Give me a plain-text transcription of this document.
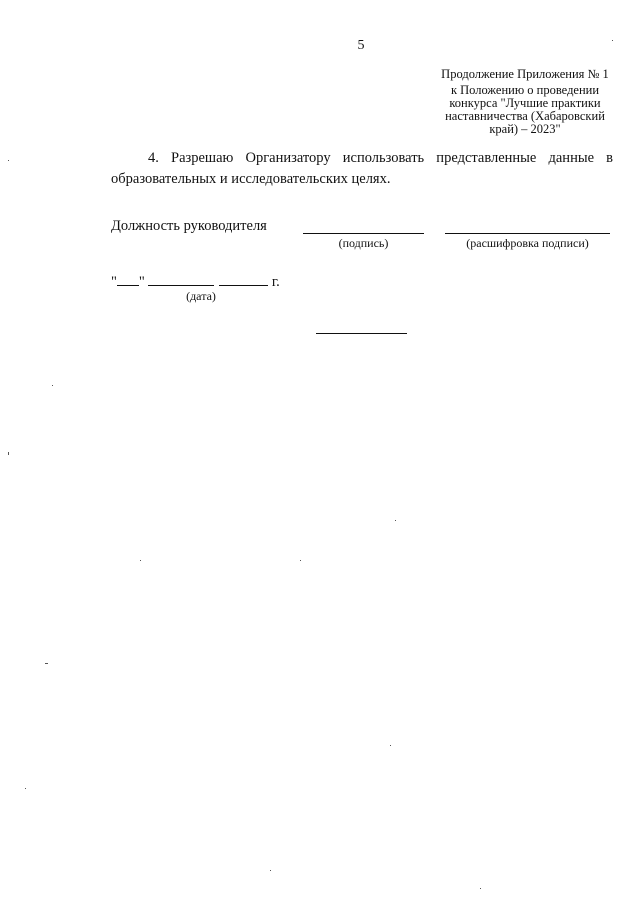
5
Продолжение Приложения № 1
к Положению о проведении
конкурса "Лучшие практики
наставничества (Хабаровский
край) – 2023"
4. Разрешаю Организатору использовать представленные данные в образовательных и исследовательских целях.
Должность руководителя
(подпись)	(расшифровка подписи)
" "	г.
(дата)
